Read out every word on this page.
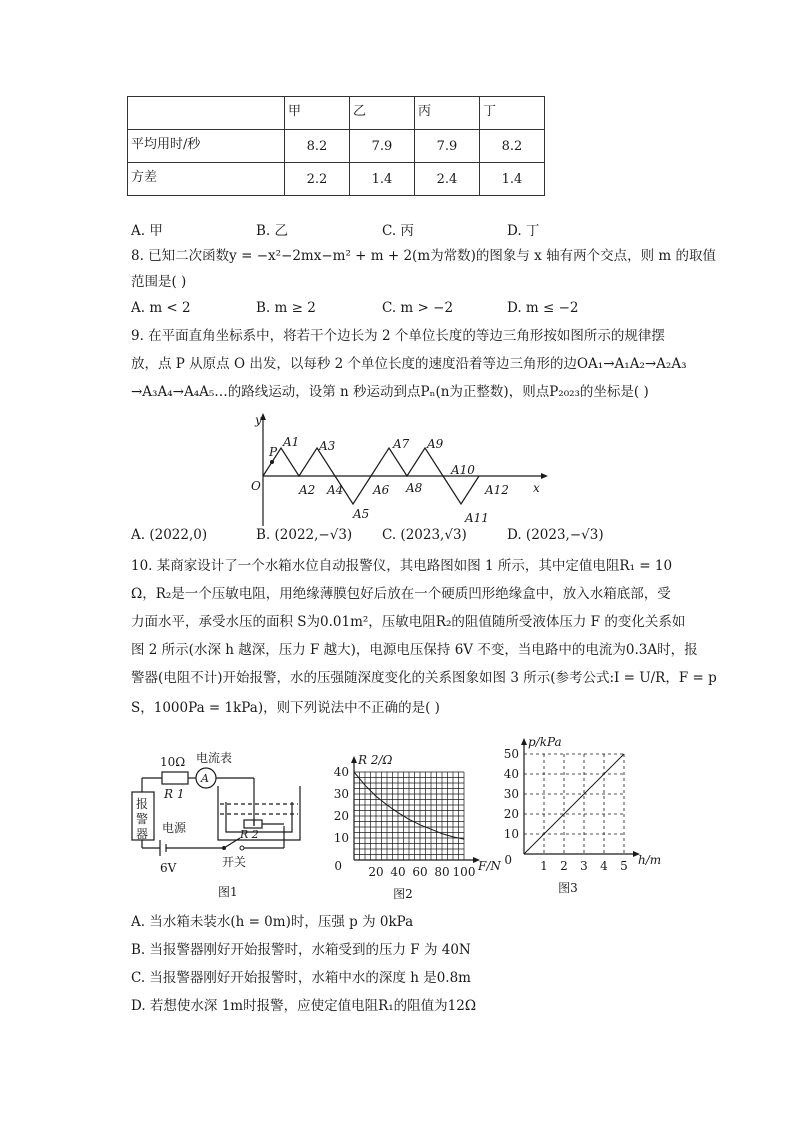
	甲	乙	丙	丁
平均用时/秒	8.2	7.9	7.9	8.2
方差	2.2	1.4	2.4	1.4
A. 甲	B. 乙	C. 丙	D. 丁
8. 已知二次函数y = −x²−2mx−m² + m + 2(m为常数)的图象与 x 轴有两个交点，则 m 的取值
范围是( )
A. m < 2	B. m ≥ 2	C. m > −2	D. m ≤ −2
9. 在平面直角坐标系中，将若干个边长为 2 个单位长度的等边三角形按如图所示的规律摆
放，点 P 从原点 O 出发，以每秒 2 个单位长度的速度沿着等边三角形的边OA₁→A₁A₂→A₂A₃
→A₃A₄→A₄A₅…的路线运动，设第 n 秒运动到点Pₙ(n为正整数)，则点P₂₀₂₃的坐标是( )
y
x
O
P
A1
A2
A3
A4
A5
A6
A7
A8
A9
A10
A11
A12
A. (2022,0)	B. (2022,−√3) C. (2023,√3)	D. (2023,−√3)
10. 某商家设计了一个水箱水位自动报警仪，其电路图如图 1 所示，其中定值电阻R₁ = 10
Ω，R₂是一个压敏电阻，用绝缘薄膜包好后放在一个硬质凹形绝缘盒中，放入水箱底部，受
力面水平，承受水压的面积 S为0.01m²，压敏电阻R₂的阻值随所受液体压力 F 的变化关系如
图 2 所示(水深 h 越深，压力 F 越大)，电源电压保持 6V 不变，当电路中的电流为0.3A时，报
警器(电阻不计)开始报警，水的压强随深度变化的关系图象如图 3 所示(参考公式:I = U/R，F = p
S，1000Pa = 1kPa)，则下列说法中不正确的是( )
10Ω
R 1
A
电流表
报
警
器 电源
6V	开关
R 2
图1
20 40 60 80 100
10
20
30
40
0	F/N
R 2/Ω
图2
1 2 3 4 5
10
20
30
40
50
0	h/m
p/kPa
图3
A. 当水箱未装水(h = 0m)时，压强 p 为 0kPa
B. 当报警器刚好开始报警时，水箱受到的压力 F 为 40N
C. 当报警器刚好开始报警时，水箱中水的深度 h 是0.8m
D. 若想使水深 1m时报警，应使定值电阻R₁的阻值为12Ω
